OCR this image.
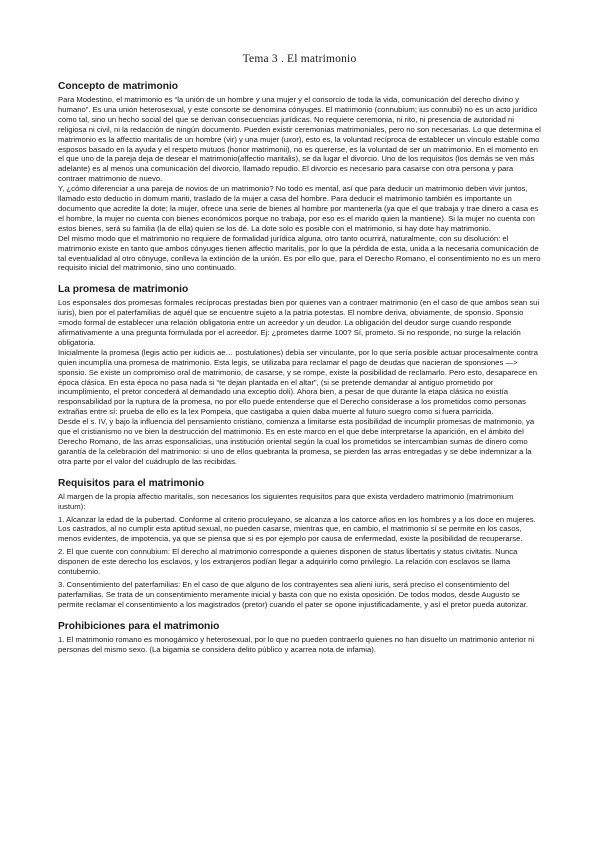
Tema 3 . El matrimonio
Concepto de matrimonio

Para Modestino, el matrimonio es “la unión de un hombre y una mujer y el consorcio de toda la vida, comunicación del derecho divino y humano”. Es una unión heterosexual, y este consorte se denomina cónyuges. El matrimonio (connubium; ius connubii) no es un acto jurídico como tal, sino un hecho social del que se derivan consecuencias jurídicas. No requiere ceremonia, ni rito, ni presencia de autoridad ni religiosa ni civil, ni la redacción de ningún documento. Pueden existir ceremonias matrimoniales, pero no son necesarias. Lo que determina el matrimonio es la affectio maritalis de un hombre (vir) y una mujer (uxor), esto es, la voluntad recíproca de establecer un vínculo estable como esposos basado en la ayuda y el respeto mutuos (honor matrimonii), no es quererse, es la voluntad de ser un matrimonio. En el momento en el que uno de la pareja deja de desear el matrimonio(affectio maritalis), se da lugar el divorcio. Uno de los requisitos (los demás se ven más adelante) es al menos una comunicación del divorcio, llamado repudio. El divorcio es necesario para casarse con otra persona y para contraer matrimonio de nuevo.

Y, ¿cómo diferenciar a una pareja de novios de un matrimonio? No todo es mental, así que para deducir un matrimonio deben vivir juntos, llamado esto deductio in domum mariti, traslado de la mujer a casa del hombre. Para deducir el matrimonio también es importante un documento que acredite la dote; la mujer, ofrece una serie de bienes al hombre por mantenerla (ya que el que trabaja y trae dinero a casa es el hombre, la mujer no cuenta con bienes económicos porque no trabaja, por eso es el marido quien la mantiene). Si la mujer no cuenta con estos bienes, será su familia (la de ella) quien se los dé. La dote solo es posible con el matrimonio, si hay dote hay matrimonio.

Del mismo modo que el matrimonio no requiere de formalidad jurídica alguna, otro tanto ocurrirá, naturalmente, con su disolución: el matrimonio existe en tanto que ambos cónyuges tienen affectio maritalis, por lo que la pérdida de esta, unida a la necesaria comunicación de tal eventualidad al otro cónyuge, conlleva la extinción de la unión. Es por ello que, para el Derecho Romano, el consentimiento no es un mero requisito inicial del matrimonio, sino uno continuado.

La promesa de matrimonio

Los esponsales dos promesas formales recíprocas prestadas bien por quienes van a contraer matrimonio (en el caso de que ambos sean sui iuris), bien por el paterfamilias de aquél que se encuentre sujeto a la patria potestas. El nombre deriva, obviamente, de sponsio. Sponsio =modo formal de establecer una relación obligatoria entre un acreedor y un deudor. La obligación del deudor surge cuando responde afirmativamente a una pregunta formulada por el acreedor. Ej: ¿prometes darme 100? Sí, prometo. Si no responde, no surge la relación obligatoria.

Inicialmente la promesa (legis actio per iudicis ae… postulationes) debía ser vinculante, por lo que sería posible actuar procesalmente contra quien incumplía una promesa de matrimonio. Esta legis, se utilizaba para reclamar el pago de deudas que nacieran de sponsiones —> sponsio. Se existe un compromiso oral de matrimonio, de casarse, y se rompe, existe la posibilidad de reclamarlo. Pero esto, desaparece en época clásica. En esta época no pasa nada si “te dejan plantada en el altar”, (si se pretende demandar al antiguo prometido por incumplimiento, el pretor concederá al demandado una exceptio doli). Ahora bien, a pesar de que durante la etapa clásica no existía responsabilidad por la ruptura de la promesa, no por ello puede entenderse que el Derecho considerase a los prometidos como personas extrañas entre sí: prueba de ello es la lex Pompeia, que castigaba a quien daba muerte al futuro suegro como si fuera parricida.

Desde el s. IV, y bajo la influencia del pensamiento cristiano, comienza a limitarse esta posibilidad de incumplir promesas de matrimonio, ya que el cristianismo no ve bien la destrucción del matrimonio. Es en este marco en el que debe interpretarse la aparición, en el ámbito del Derecho Romano, de las arras esponsalicias, una institución oriental según la cual los prometidos se intercambian sumas de dinero como garantía de la celebración del matrimonio: si uno de ellos quebranta la promesa, se pierden las arras entregadas y se debe indemnizar a la otra parte por el valor del cuádruplo de las recibidas.

Requisitos para el matrimonio

Al margen de la propia affectio maritalis, son necesarios los siguientes requisitos para que exista verdadero matrimonio (matrimonium iustum):

1. Alcanzar la edad de la pubertad. Conforme al criterio proculeyano, se alcanza a los catorce años en los hombres y a los doce en mujeres. Los castrados, al no cumplir esta aptitud sexual, no pueden casarse, mientras que, en cambio, el matrimonio sí se permite en los casos, menos evidentes, de impotencia, ya que se piensa que si es por ejemplo por causa de enfermedad, existe la posibilidad de recuperarse.

2. El que cuente con connubium: El derecho al matrimonio corresponde a quienes disponen de status libertatis y status civitatis. Nunca disponen de este derecho los esclavos, y los extranjeros podían llegar a adquirirlo como privilegio. La relación con esclavos se llama contubernio.

3. Consentimiento del paterfamilias: En el caso de que alguno de los contrayentes sea alieni iuris, será preciso el consentimiento del paterfamilias. Se trata de un consentimiento meramente inicial y basta con que no exista oposición. De todos modos, desde Augusto se permite reclamar el consentimiento a los magistrados (pretor) cuando el pater se opone injustificadamente, y así el pretor pueda autorizar.

Prohibiciones para el matrimonio

1. El matrimonio romano es monogámico y heterosexual, por lo que no pueden contraerlo quienes no han disuelto un matrimonio anterior ni personas del mismo sexo. (La bigamia se considera delito público y acarrea nota de infamia).
